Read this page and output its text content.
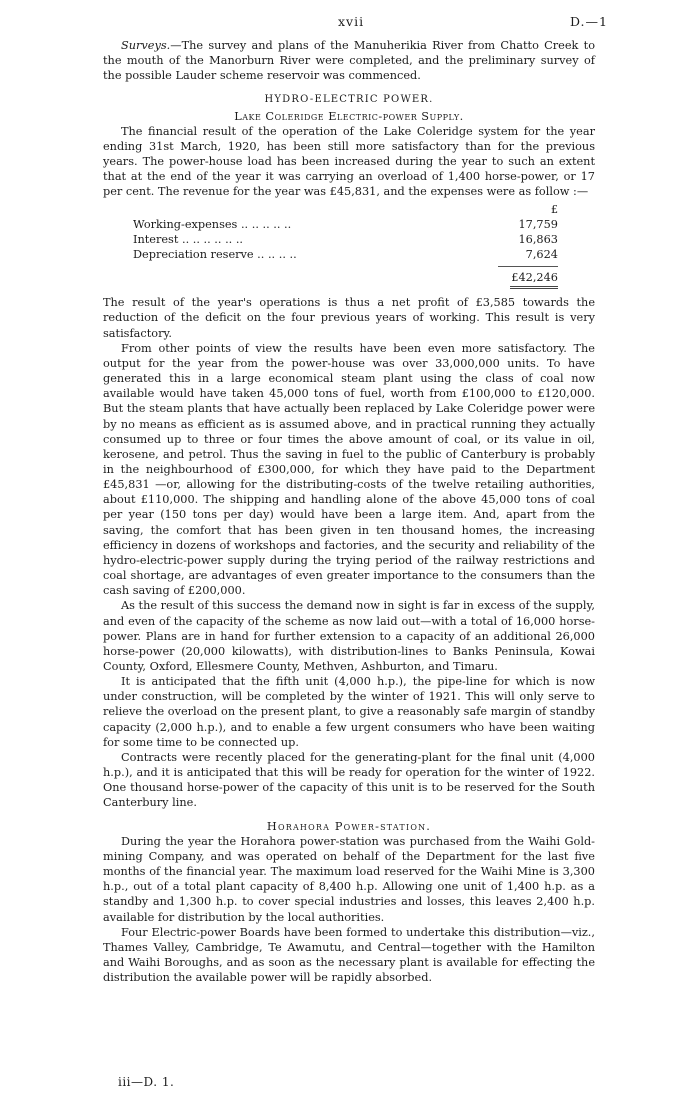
xvii	D.—1

Surveys.—The survey and plans of the Manuherikia River from Chatto Creek to the mouth of the Manorburn River were completed, and the preliminary survey of the possible Lauder scheme reservoir was commenced.

HYDRO-ELECTRIC POWER.

Lake Coleridge Electric-power Supply.

The financial result of the operation of the Lake Coleridge system for the year ending 31st March, 1920, has been still more satisfactory than for the previous years. The power-house load has been increased during the year to such an extent that at the end of the year it was carrying an overload of 1,400 horse-power, or 17 per cent. The revenue for the year was £45,831, and the expenses were as follow :—

£
Working-expenses .. .. .. .. ..	17,759
Interest .. .. .. .. .. ..	16,863
Depreciation reserve .. .. .. ..	7,624
£42,246

The result of the year's operations is thus a net profit of £3,585 towards the reduction of the deficit on the four previous years of working. This result is very satisfactory.

From other points of view the results have been even more satisfactory. The output for the year from the power-house was over 33,000,000 units. To have generated this in a large economical steam plant using the class of coal now available would have taken 45,000 tons of fuel, worth from £100,000 to £120,000. But the steam plants that have actually been replaced by Lake Coleridge power were by no means as efficient as is assumed above, and in practical running they actually consumed up to three or four times the above amount of coal, or its value in oil, kerosene, and petrol. Thus the saving in fuel to the public of Canterbury is probably in the neighbourhood of £300,000, for which they have paid to the Department £45,831 —or, allowing for the distributing-costs of the twelve retailing authorities, about £110,000. The shipping and handling alone of the above 45,000 tons of coal per year (150 tons per day) would have been a large item. And, apart from the saving, the comfort that has been given in ten thousand homes, the increasing efficiency in dozens of workshops and factories, and the security and reliability of the hydro-electric-power supply during the trying period of the railway restrictions and coal shortage, are advantages of even greater importance to the consumers than the cash saving of £200,000.

As the result of this success the demand now in sight is far in excess of the supply, and even of the capacity of the scheme as now laid out—with a total of 16,000 horse-power. Plans are in hand for further extension to a capacity of an additional 26,000 horse-power (20,000 kilowatts), with distribution-lines to Banks Peninsula, Kowai County, Oxford, Ellesmere County, Methven, Ashburton, and Timaru.

It is anticipated that the fifth unit (4,000 h.p.), the pipe-line for which is now under construction, will be completed by the winter of 1921. This will only serve to relieve the overload on the present plant, to give a reasonably safe margin of standby capacity (2,000 h.p.), and to enable a few urgent consumers who have been waiting for some time to be connected up.

Contracts were recently placed for the generating-plant for the final unit (4,000 h.p.), and it is anticipated that this will be ready for operation for the winter of 1922. One thousand horse-power of the capacity of this unit is to be reserved for the South Canterbury line.

Horahora Power-station.

During the year the Horahora power-station was purchased from the Waihi Gold-mining Company, and was operated on behalf of the Department for the last five months of the financial year. The maximum load reserved for the Waihi Mine is 3,300 h.p., out of a total plant capacity of 8,400 h.p. Allowing one unit of 1,400 h.p. as a standby and 1,300 h.p. to cover special industries and losses, this leaves 2,400 h.p. available for distribution by the local authorities.

Four Electric-power Boards have been formed to undertake this distribution—viz., Thames Valley, Cambridge, Te Awamutu, and Central—together with the Hamilton and Waihi Boroughs, and as soon as the necessary plant is available for effecting the distribution the available power will be rapidly absorbed.

iii—D. 1.
